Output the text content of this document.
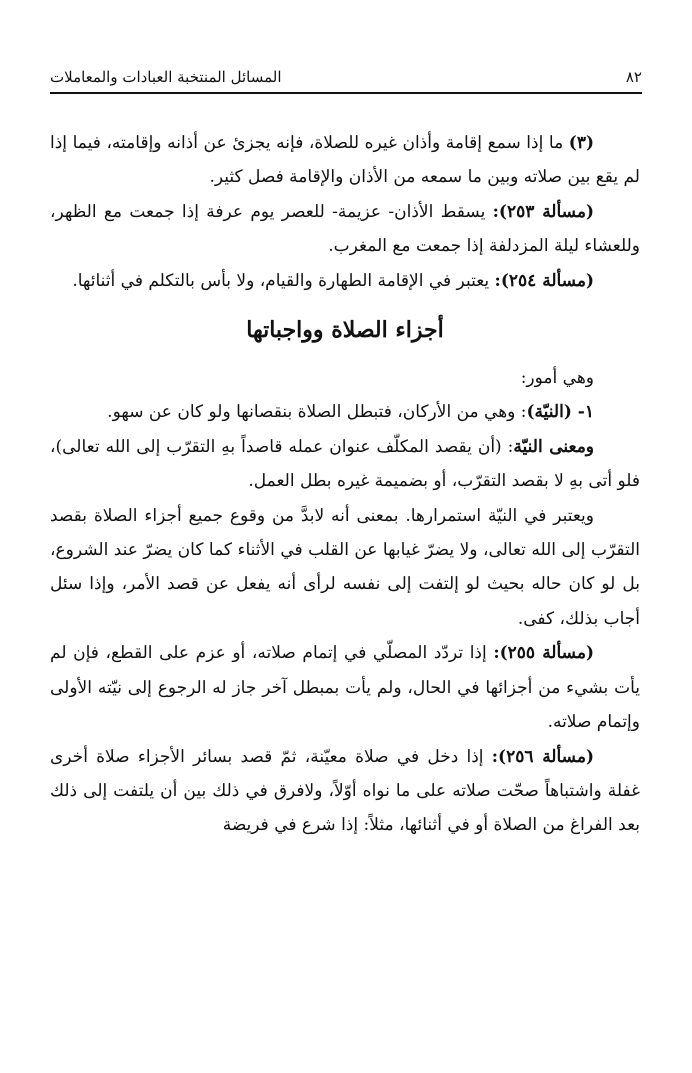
٨٢
المسائل المنتخبة العبادات والمعاملات

(٣) ما إذا سمع إقامة وأذان غيره للصلاة، فإنه يجزئ عن أذانه وإقامته، فيما إذا لم يقع بين صلاته وبين ما سمعه من الأذان والإقامة فصل كثير.

(مسألة ٢٥٣): يسقط الأذان- عزيمة- للعصر يوم عرفة إذا جمعت مع الظهر، وللعشاء ليلة المزدلفة إذا جمعت مع المغرب.

(مسألة ٢٥٤): يعتبر في الإقامة الطهارة والقيام، ولا بأس بالتكلم في أثنائها.

أجزاء الصلاة وواجباتها

وهي أمور:

١- (النيّة): وهي من الأركان، فتبطل الصلاة بنقصانها ولو كان عن سهو.

ومعنى النيّة: (أن يقصد المكلّف عنوان عمله قاصداً بهِ التقرّب إلى الله تعالى)، فلو أتى بهِ لا بقصد التقرّب، أو بضميمة غيره بطل العمل.

ويعتبر في النيّة استمرارها. بمعنى أنه لابدَّ من وقوع جميع أجزاء الصلاة بقصد التقرّب إلى الله تعالى، ولا يضرّ غيابها عن القلب في الأثناء كما كان يضرّ عند الشروع، بل لو كان حاله بحيث لو إلتفت إلى نفسه لرأى أنه يفعل عن قصد الأمر، وإذا سئل أجاب بذلك، كفى.

(مسألة ٢٥٥): إذا تردّد المصلّي في إتمام صلاته، أو عزم على القطع، فإن لم يأت بشيء من أجزائها في الحال، ولم يأت بمبطل آخر جاز له الرجوع إلى نيّته الأولى وإتمام صلاته.

(مسألة ٢٥٦): إذا دخل في صلاة معيّنة، ثمّ قصد بسائر الأجزاء صلاة أخرى غفلة واشتباهاً صحّت صلاته على ما نواه أوّلاً، ولافرق في ذلك بين أن يلتفت إلى ذلك بعد الفراغ من الصلاة أو في أثنائها، مثلاً: إذا شرع في فريضة
